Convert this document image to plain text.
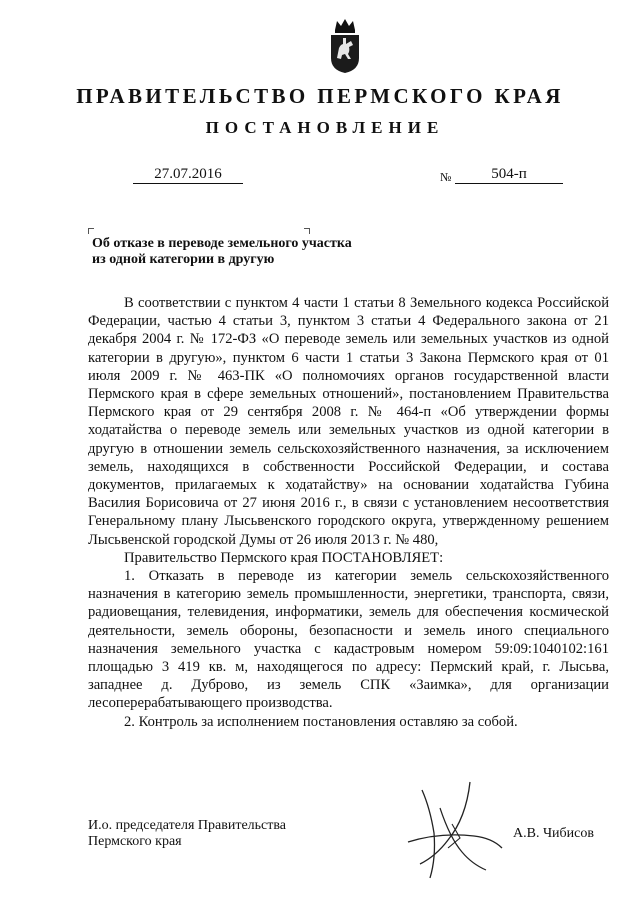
ПРАВИТЕЛЬСТВО ПЕРМСКОГО КРАЯ
ПОСТАНОВЛЕНИЕ
27.07.2016	№	504-п
Об отказе в переводе земельного участка
из одной категории в другую

В соответствии с пунктом 4 части 1 статьи 8 Земельного кодекса Российской Федерации, частью 4 статьи 3, пунктом 3 статьи 4 Федерального закона от 21 декабря 2004 г. № 172-ФЗ «О переводе земель или земельных участков из одной категории в другую», пунктом 6 части 1 статьи 3 Закона Пермского края от 01 июля 2009 г. № 463-ПК «О полномочиях органов государственной власти Пермского края в сфере земельных отношений», постановлением Правительства Пермского края от 29 сентября 2008 г. № 464-п «Об утверждении формы ходатайства о переводе земель или земельных участков из одной категории в другую в отношении земель сельскохозяйственного назначения, за исключением земель, находящихся в собственности Российской Федерации, и состава документов, прилагаемых к ходатайству» на основании ходатайства Губина Василия Борисовича от 27 июня 2016 г., в связи с установлением несоответствия Генеральному плану Лысьвенского городского округа, утвержденному решением Лысьвенской городской Думы от 26 июля 2013 г. № 480,

Правительство Пермского края ПОСТАНОВЛЯЕТ:

1. Отказать в переводе из категории земель сельскохозяйственного назначения в категорию земель промышленности, энергетики, транспорта, связи, радиовещания, телевидения, информатики, земель для обеспечения космической деятельности, земель обороны, безопасности и земель иного специального назначения земельного участка с кадастровым номером 59:09:1040102:161 площадью 3 419 кв. м, находящегося по адресу: Пермский край, г. Лысьва, западнее д. Дуброво, из земель СПК «Заимка», для организации лесоперерабатывающего производства.

2. Контроль за исполнением постановления оставляю за собой.

И.о. председателя Правительства
Пермского края	А.В. Чибисов
